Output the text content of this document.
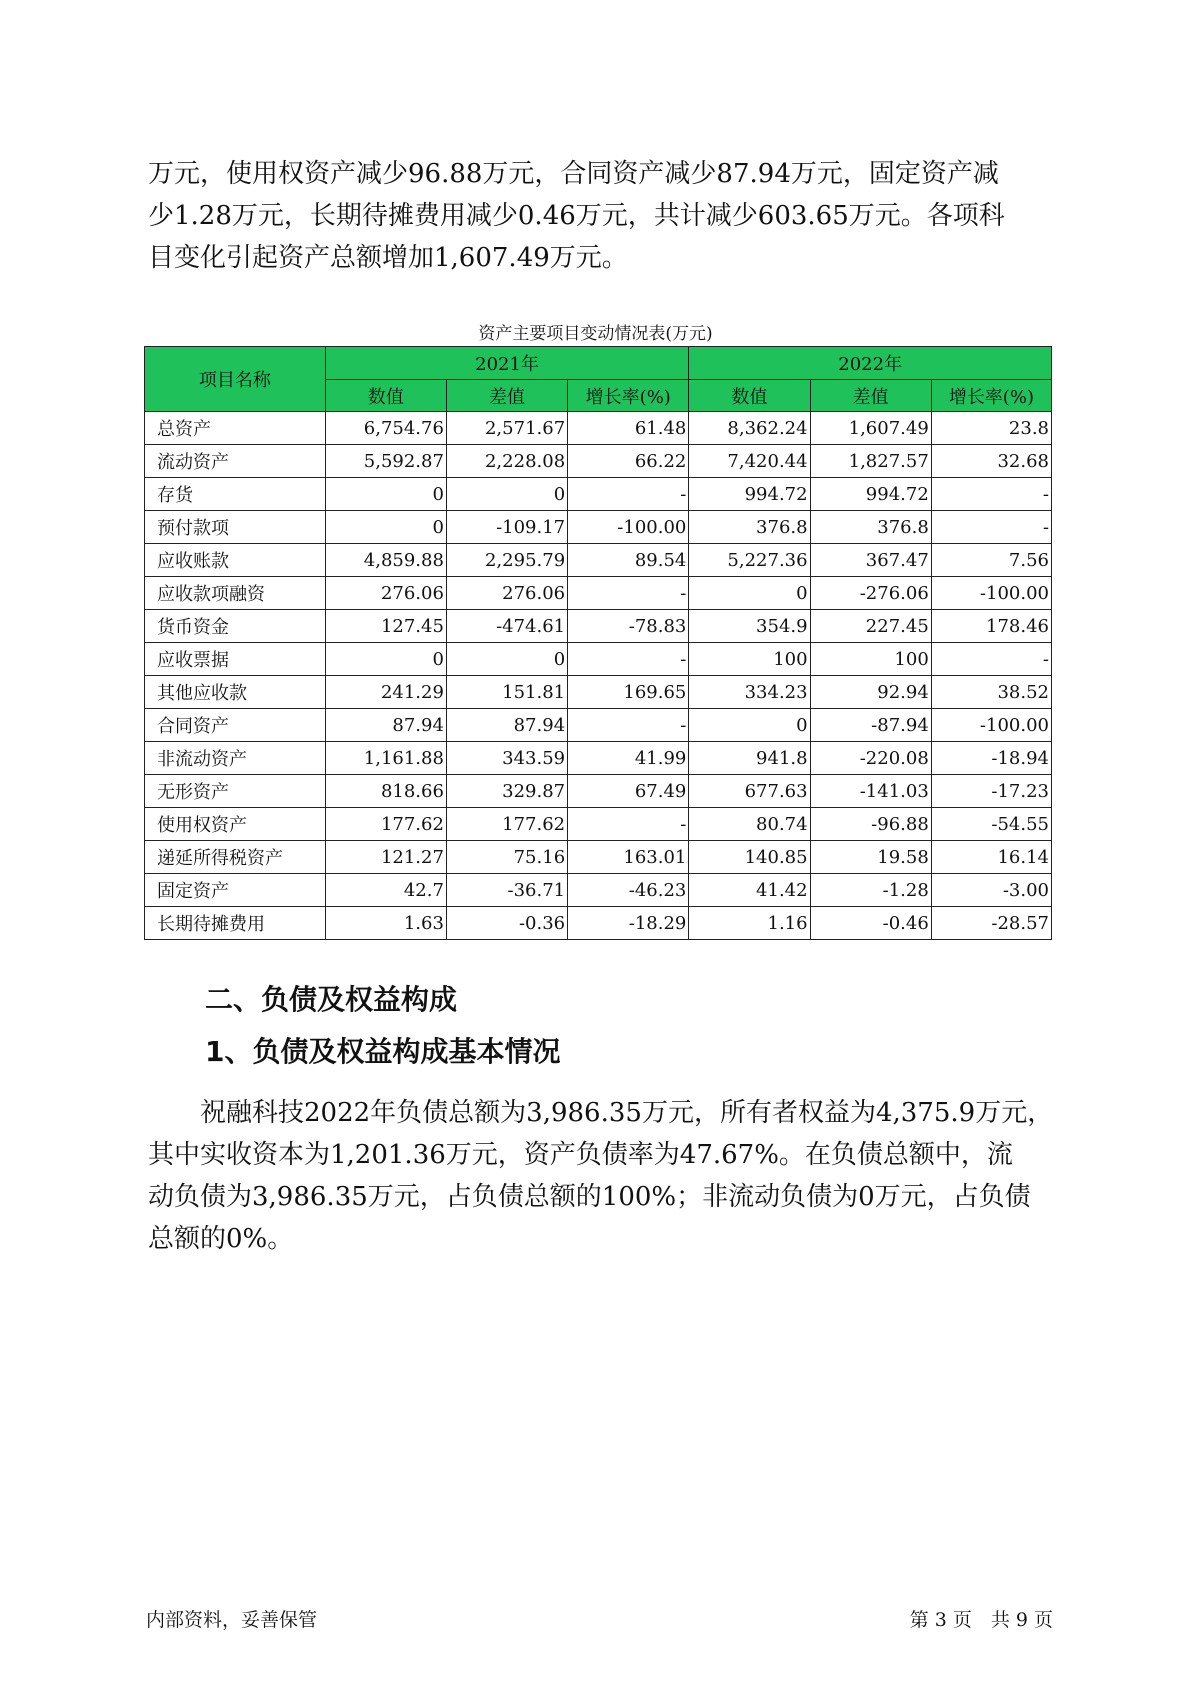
万元，使用权资产减少96.88万元，合同资产减少87.94万元，固定资产减
少1.28万元，长期待摊费用减少0.46万元，共计减少603.65万元。各项科
目变化引起资产总额增加1,607.49万元。
资产主要项目变动情况表(万元)
项目名称	2021年			2022年		
	数值	差值	增长率(%)	数值	差值	增长率(%)
总资产	6,754.76	2,571.67	61.48	8,362.24	1,607.49	23.8
流动资产	5,592.87	2,228.08	66.22	7,420.44	1,827.57	32.68
存货	0	0	-	994.72	994.72	-
预付款项	0	-109.17	-100.00	376.8	376.8	-
应收账款	4,859.88	2,295.79	89.54	5,227.36	367.47	7.56
应收款项融资	276.06	276.06	-	0	-276.06	-100.00
货币资金	127.45	-474.61	-78.83	354.9	227.45	178.46
应收票据	0	0	-	100	100	-
其他应收款	241.29	151.81	169.65	334.23	92.94	38.52
合同资产	87.94	87.94	-	0	-87.94	-100.00
非流动资产	1,161.88	343.59	41.99	941.8	-220.08	-18.94
无形资产	818.66	329.87	67.49	677.63	-141.03	-17.23
使用权资产	177.62	177.62	-	80.74	-96.88	-54.55
递延所得税资产	121.27	75.16	163.01	140.85	19.58	16.14
固定资产	42.7	-36.71	-46.23	41.42	-1.28	-3.00
长期待摊费用	1.63	-0.36	-18.29	1.16	-0.46	-28.57
二、负债及权益构成
1、负债及权益构成基本情况
　　祝融科技2022年负债总额为3,986.35万元，所有者权益为4,375.9万元，
其中实收资本为1,201.36万元，资产负债率为47.67%。在负债总额中，流
动负债为3,986.35万元，占负债总额的100%；非流动负债为0万元，占负债
总额的0%。
内部资料，妥善保管	第 3 页　共 9 页
